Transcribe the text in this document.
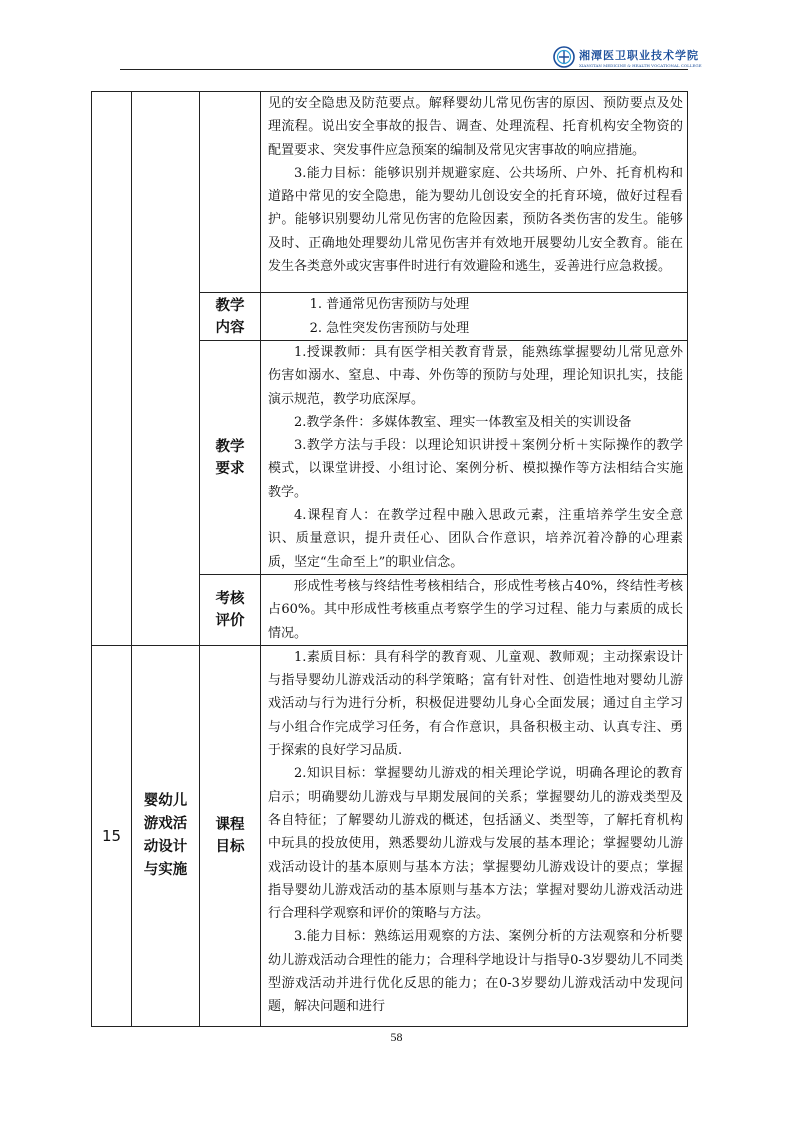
湘潭医卫职业技术学院
XIANGTAN MEDICINE & HEALTH VOCATIONAL COLLEGE

			见的安全隐患及防范要点。解释婴幼儿常见伤害的原因、预防要点及处理流程。说出安全事故的报告、调查、处理流程、托育机构安全物资的配置要求、突发事件应急预案的编制及常见灾害事故的响应措施。

3.能力目标：能够识别并规避家庭、公共场所、户外、托育机构和道路中常见的安全隐患，能为婴幼儿创设安全的托育环境，做好过程看护。能够识别婴幼儿常见伤害的危险因素，预防各类伤害的发生。能够及时、正确地处理婴幼儿常见伤害并有效地开展婴幼儿安全教育。能在发生各类意外或灾害事件时进行有效避险和逃生，妥善进行应急救援。

		教学内容	1. 普通常见伤害预防与处理

2. 急性突发伤害预防与处理

		教学要求	1.授课教师：具有医学相关教育背景，能熟练掌握婴幼儿常见意外伤害如溺水、窒息、中毒、外伤等的预防与处理，理论知识扎实，技能演示规范，教学功底深厚。

2.教学条件：多媒体教室、理实一体教室及相关的实训设备

3.教学方法与手段：以理论知识讲授＋案例分析＋实际操作的教学模式，以课堂讲授、小组讨论、案例分析、模拟操作等方法相结合实施教学。

4.课程育人：在教学过程中融入思政元素，注重培养学生安全意识、质量意识，提升责任心、团队合作意识，培养沉着冷静的心理素质，坚定“生命至上”的职业信念。

		考核评价	形成性考核与终结性考核相结合，形成性考核占40%，终结性考核占60%。其中形成性考核重点考察学生的学习过程、能力与素质的成长情况。

15	婴幼儿游戏活动设计与实施	课程目标	1.素质目标：具有科学的教育观、儿童观、教师观；主动探索设计与指导婴幼儿游戏活动的科学策略；富有针对性、创造性地对婴幼儿游戏活动与行为进行分析，积极促进婴幼儿身心全面发展；通过自主学习与小组合作完成学习任务，有合作意识，具备积极主动、认真专注、勇于探索的良好学习品质.

2.知识目标：掌握婴幼儿游戏的相关理论学说，明确各理论的教育启示；明确婴幼儿游戏与早期发展间的关系；掌握婴幼儿的游戏类型及各自特征；了解婴幼儿游戏的概述，包括涵义、类型等，了解托育机构中玩具的投放使用，熟悉婴幼儿游戏与发展的基本理论；掌握婴幼儿游戏活动设计的基本原则与基本方法；掌握婴幼儿游戏设计的要点；掌握指导婴幼儿游戏活动的基本原则与基本方法；掌握对婴幼儿游戏活动进行合理科学观察和评价的策略与方法。

3.能力目标：熟练运用观察的方法、案例分析的方法观察和分析婴幼儿游戏活动合理性的能力；合理科学地设计与指导0-3岁婴幼儿不同类型游戏活动并进行优化反思的能力；在0-3岁婴幼儿游戏活动中发现问题，解决问题和进行

58
